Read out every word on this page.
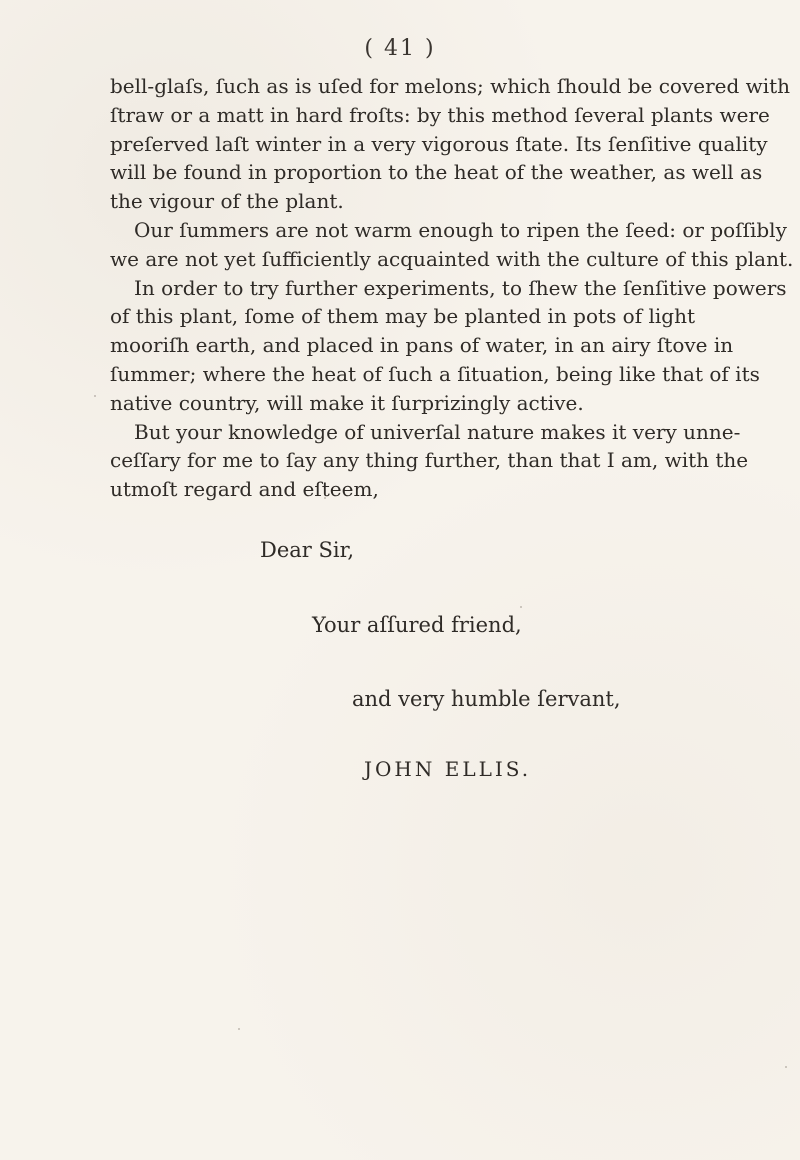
( 41 )
bell-glaſs, ſuch as is uſed for melons; which ſhould be covered with
ſtraw or a matt in hard froſts: by this method ſeveral plants were
preſerved laſt winter in a very vigorous ſtate. Its ſenſitive quality
will be found in proportion to the heat of the weather, as well as
the vigour of the plant.
Our ſummers are not warm enough to ripen the ſeed: or poſſibly
we are not yet ſufficiently acquainted with the culture of this plant.
In order to try further experiments, to ſhew the ſenſitive powers
of this plant, ſome of them may be planted in pots of light
mooriſh earth, and placed in pans of water, in an airy ſtove in
ſummer; where the heat of ſuch a ſituation, being like that of its
native country, will make it ſurprizingly active.
But your knowledge of univerſal nature makes it very unne-
ceſſary for me to ſay any thing further, than that I am, with the
utmoſt regard and eſteem,
Dear Sir,
Your aſſured friend,
and very humble ſervant,
JOHN ELLIS.
